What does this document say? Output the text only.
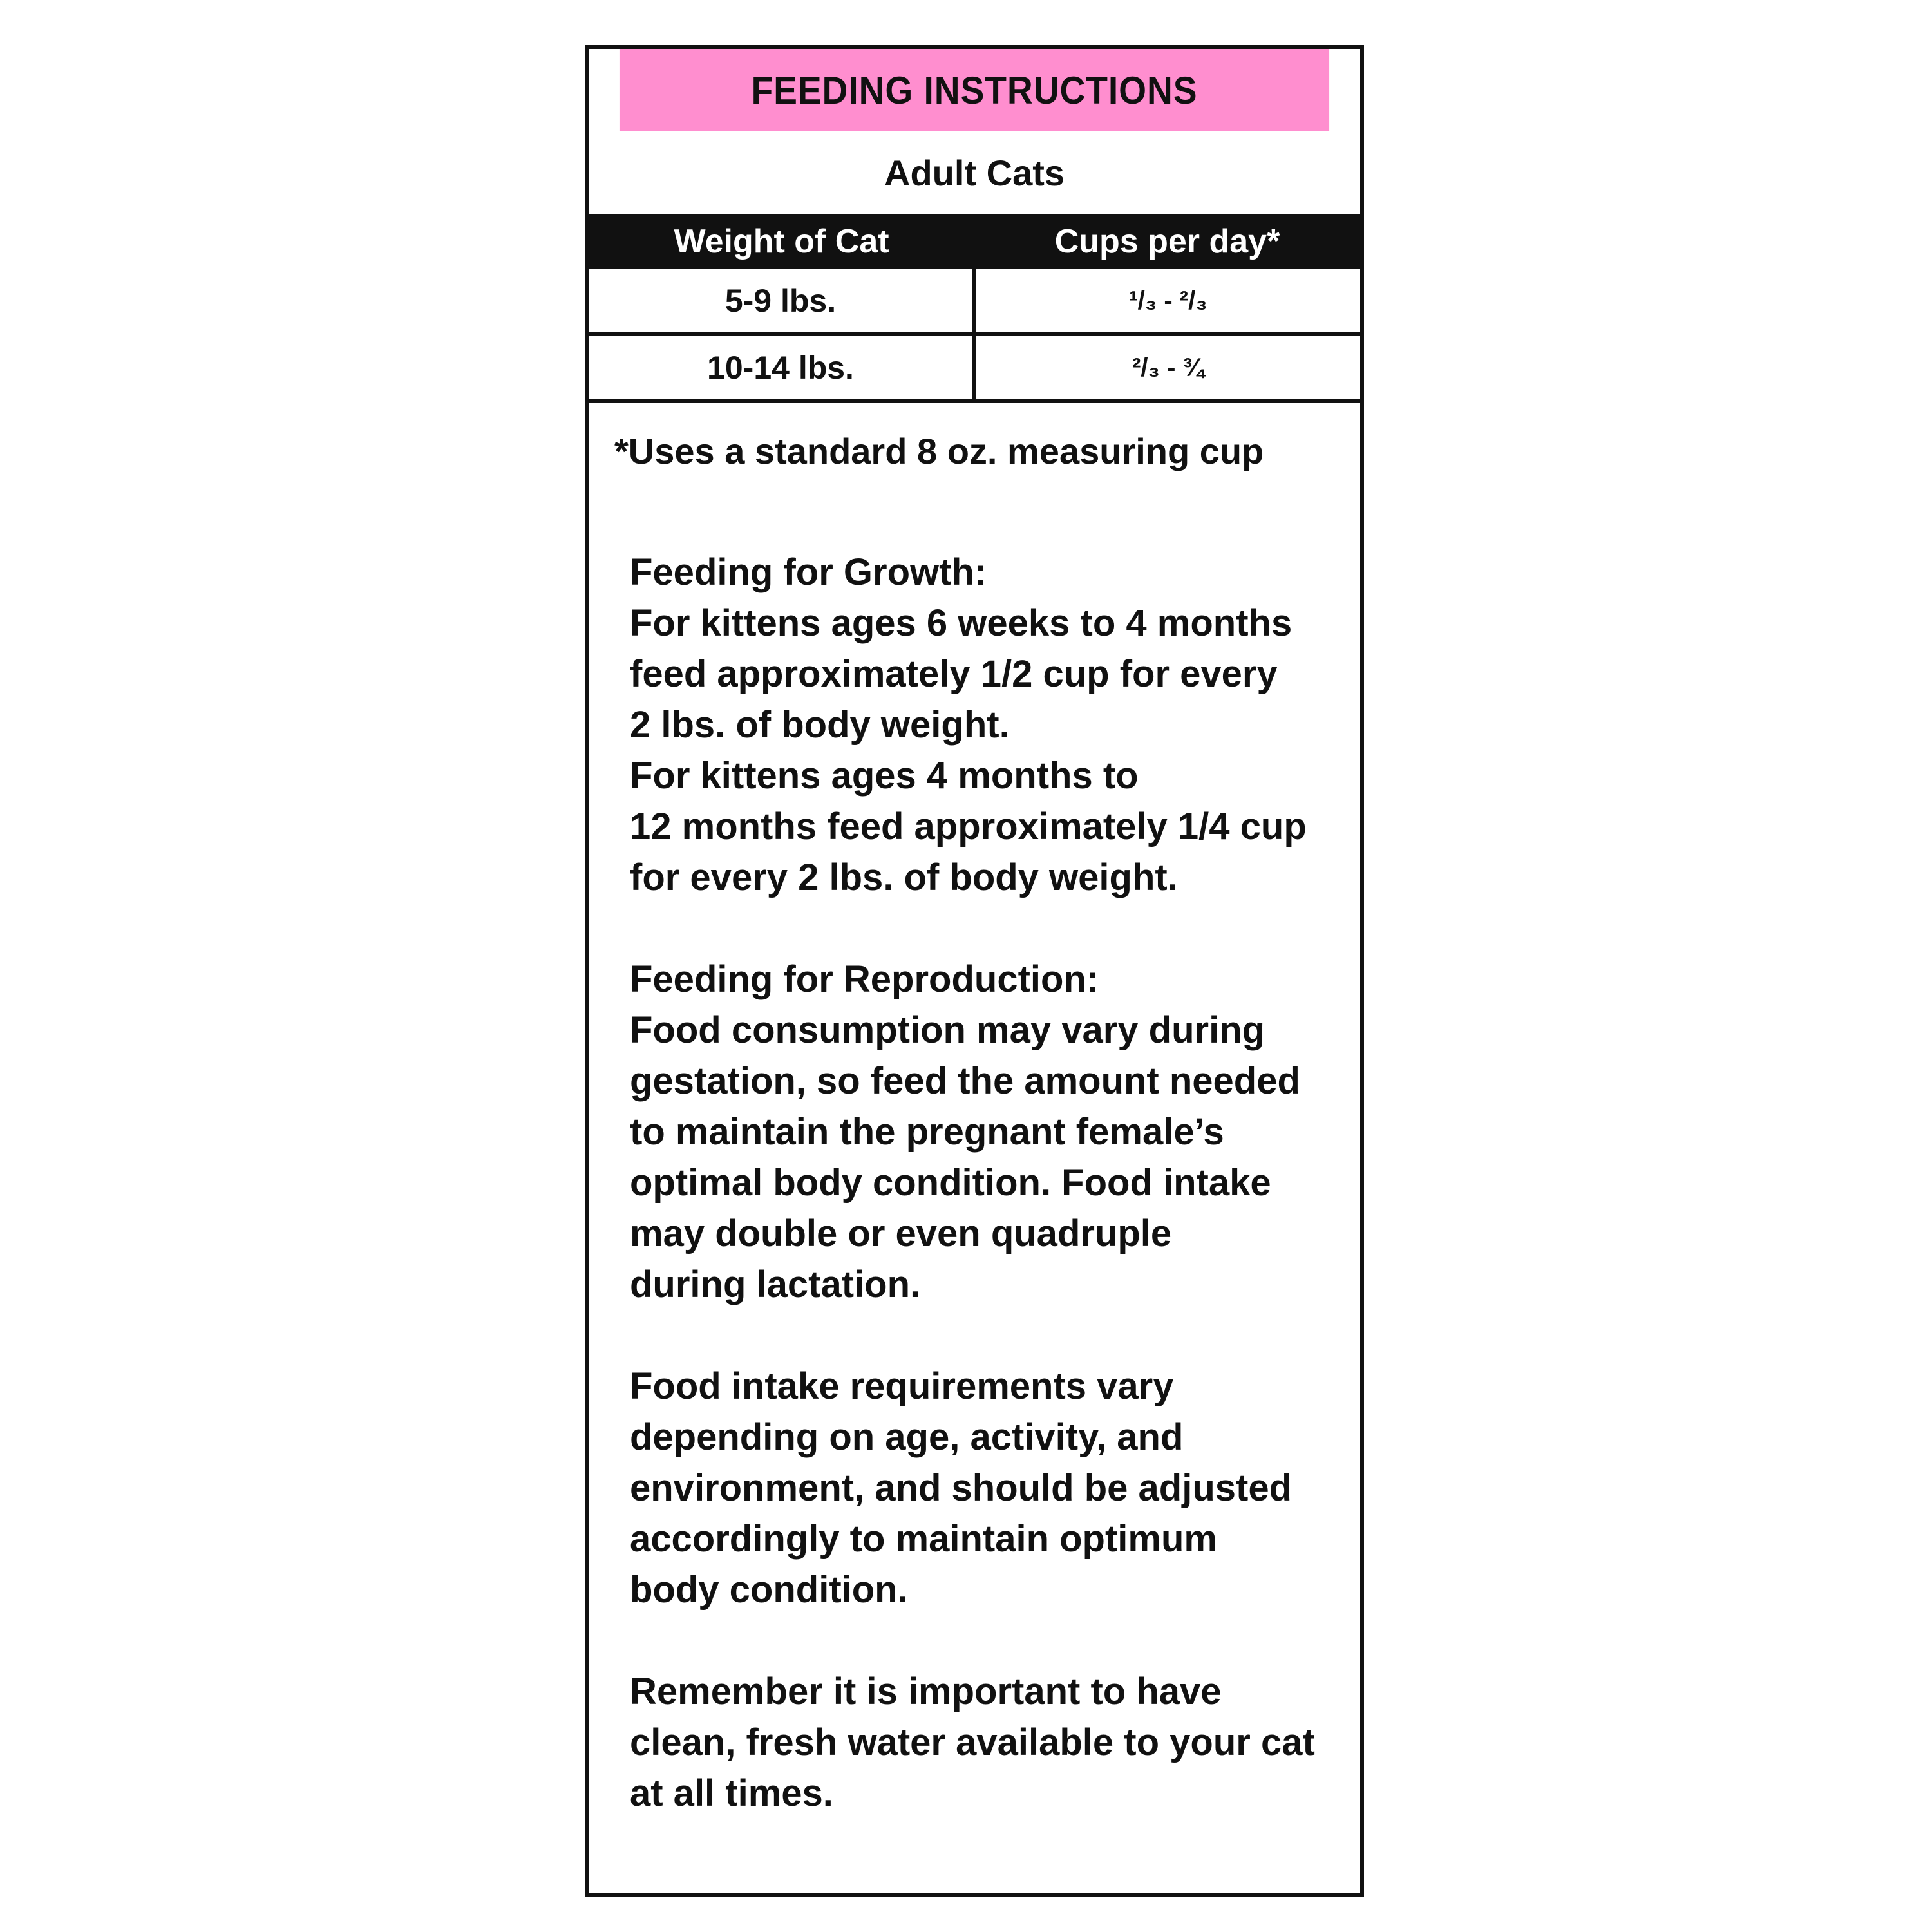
FEEDING INSTRUCTIONS
Adult Cats
Weight of Cat	Cups per day*
5-9 lbs.	¹/₃ - ²/₃
10-14 lbs.	²/₃ - ¾
*Uses a standard 8 oz. measuring cup
Feeding for Growth:
For kittens ages 6 weeks to 4 months
feed approximately 1/2 cup for every
2 lbs. of body weight.
For kittens ages 4 months to
12 months feed approximately 1/4 cup
for every 2 lbs. of body weight.
Feeding for Reproduction:
Food consumption may vary during
gestation, so feed the amount needed
to maintain the pregnant female’s
optimal body condition. Food intake
may double or even quadruple
during lactation.
Food intake requirements vary
depending on age, activity, and
environment, and should be adjusted
accordingly to maintain optimum
body condition.
Remember it is important to have
clean, fresh water available to your cat
at all times.
